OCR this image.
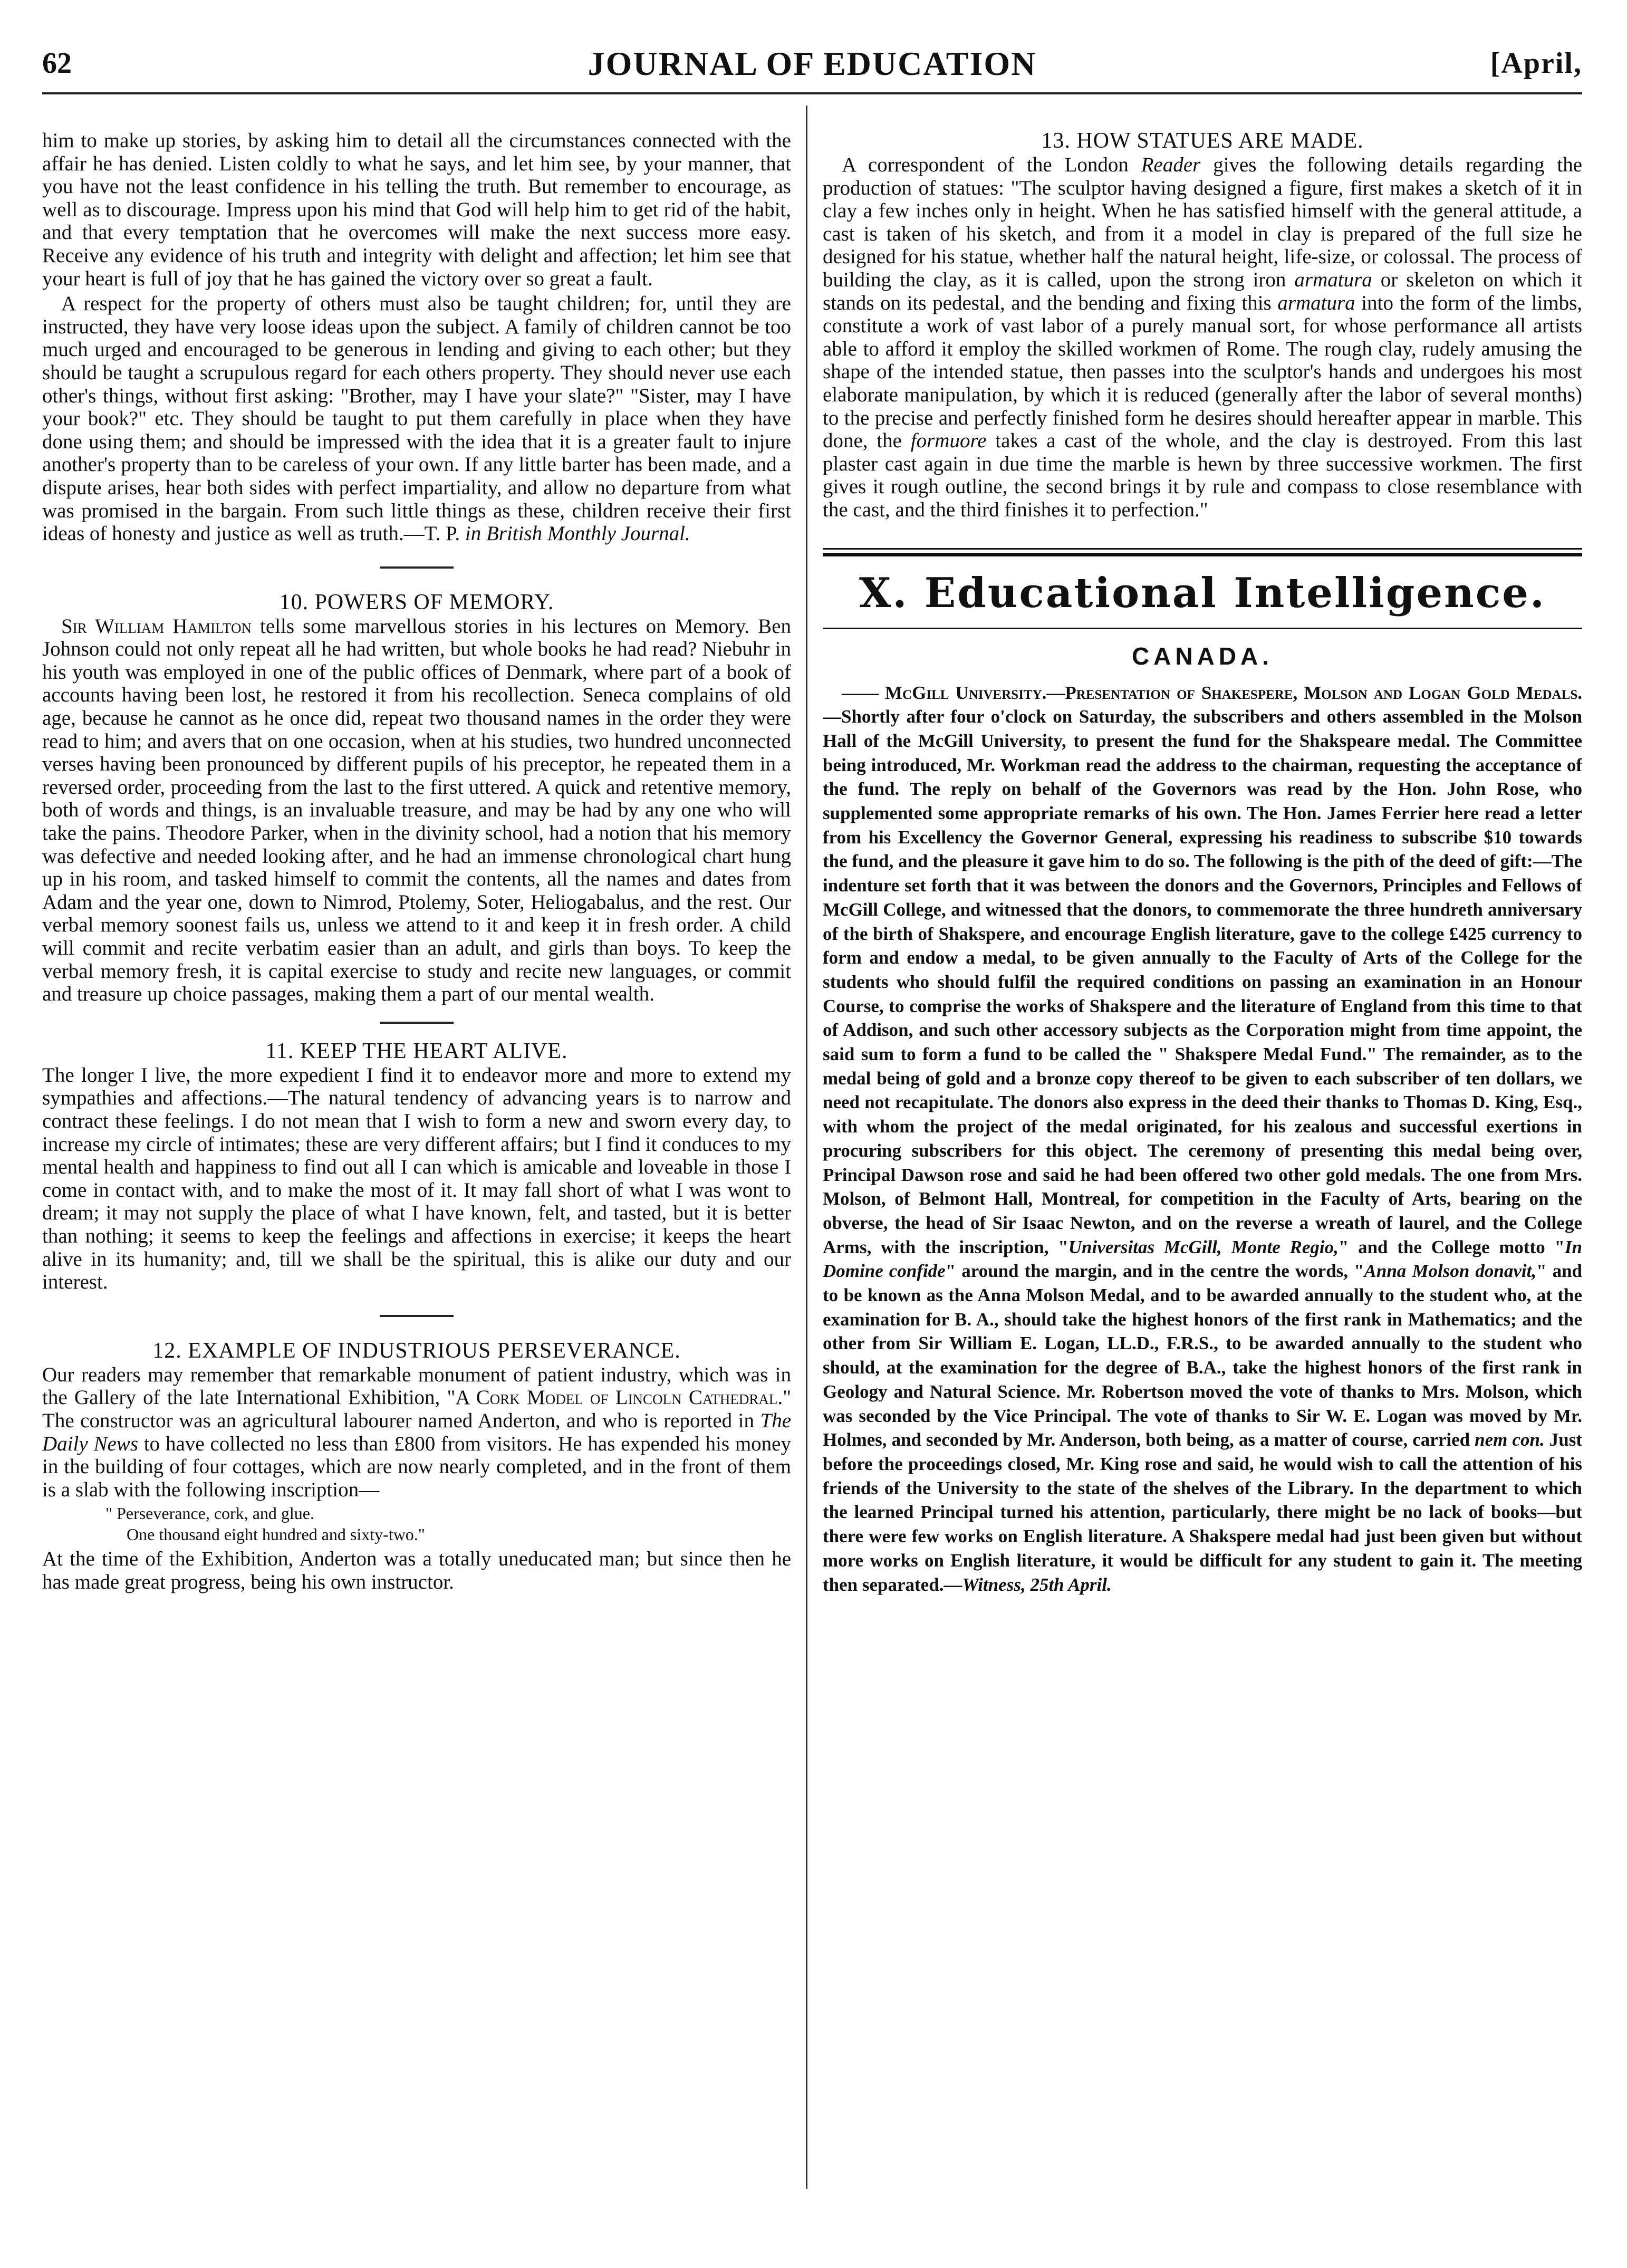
62	JOURNAL OF EDUCATION	[April,

him to make up stories, by asking him to detail all the circumstances connected with the affair he has denied. Listen coldly to what he says, and let him see, by your manner, that you have not the least confidence in his telling the truth. But remember to encourage, as well as to discourage. Impress upon his mind that God will help him to get rid of the habit, and that every temptation that he overcomes will make the next success more easy. Receive any evidence of his truth and integrity with delight and affection; let him see that your heart is full of joy that he has gained the victory over so great a fault.

A respect for the property of others must also be taught children; for, until they are instructed, they have very loose ideas upon the subject. A family of children cannot be too much urged and encouraged to be generous in lending and giving to each other; but they should be taught a scrupulous regard for each others property. They should never use each other's things, without first asking: "Brother, may I have your slate?" "Sister, may I have your book?" etc. They should be taught to put them carefully in place when they have done using them; and should be impressed with the idea that it is a greater fault to injure another's property than to be careless of your own. If any little barter has been made, and a dispute arises, hear both sides with perfect impartiality, and allow no departure from what was promised in the bargain. From such little things as these, children receive their first ideas of honesty and justice as well as truth.—T. P. in British Monthly Journal.

10. POWERS OF MEMORY.

Sir William Hamilton tells some marvellous stories in his lectures on Memory. Ben Johnson could not only repeat all he had written, but whole books he had read? Niebuhr in his youth was employed in one of the public offices of Denmark, where part of a book of accounts having been lost, he restored it from his recollection. Seneca complains of old age, because he cannot as he once did, repeat two thousand names in the order they were read to him; and avers that on one occasion, when at his studies, two hundred unconnected verses having been pronounced by different pupils of his preceptor, he repeated them in a reversed order, proceeding from the last to the first uttered. A quick and retentive memory, both of words and things, is an invaluable treasure, and may be had by any one who will take the pains. Theodore Parker, when in the divinity school, had a notion that his memory was defective and needed looking after, and he had an immense chronological chart hung up in his room, and tasked himself to commit the contents, all the names and dates from Adam and the year one, down to Nimrod, Ptolemy, Soter, Heliogabalus, and the rest. Our verbal memory soonest fails us, unless we attend to it and keep it in fresh order. A child will commit and recite verbatim easier than an adult, and girls than boys. To keep the verbal memory fresh, it is capital exercise to study and recite new languages, or commit and treasure up choice passages, making them a part of our mental wealth.

11. KEEP THE HEART ALIVE.

The longer I live, the more expedient I find it to endeavor more and more to extend my sympathies and affections.—The natural tendency of advancing years is to narrow and contract these feelings. I do not mean that I wish to form a new and sworn every day, to increase my circle of intimates; these are very different affairs; but I find it conduces to my mental health and happiness to find out all I can which is amicable and loveable in those I come in contact with, and to make the most of it. It may fall short of what I was wont to dream; it may not supply the place of what I have known, felt, and tasted, but it is better than nothing; it seems to keep the feelings and affections in exercise; it keeps the heart alive in its humanity; and, till we shall be the spiritual, this is alike our duty and our interest.

12. EXAMPLE OF INDUSTRIOUS PERSEVERANCE.

Our readers may remember that remarkable monument of patient industry, which was in the Gallery of the late International Exhibition, "A Cork Model of Lincoln Cathedral." The constructor was an agricultural labourer named Anderton, and who is reported in The Daily News to have collected no less than £800 from visitors. He has expended his money in the building of four cottages, which are now nearly completed, and in the front of them is a slab with the following inscription—

" Perseverance, cork, and glue.
One thousand eight hundred and sixty-two."

At the time of the Exhibition, Anderton was a totally uneducated man; but since then he has made great progress, being his own instructor.

13. HOW STATUES ARE MADE.

A correspondent of the London Reader gives the following details regarding the production of statues: "The sculptor having designed a figure, first makes a sketch of it in clay a few inches only in height. When he has satisfied himself with the general attitude, a cast is taken of his sketch, and from it a model in clay is prepared of the full size he designed for his statue, whether half the natural height, life-size, or colossal. The process of building the clay, as it is called, upon the strong iron armatura or skeleton on which it stands on its pedestal, and the bending and fixing this armatura into the form of the limbs, constitute a work of vast labor of a purely manual sort, for whose performance all artists able to afford it employ the skilled workmen of Rome. The rough clay, rudely amusing the shape of the intended statue, then passes into the sculptor's hands and undergoes his most elaborate manipulation, by which it is reduced (generally after the labor of several months) to the precise and perfectly finished form he desires should hereafter appear in marble. This done, the formuore takes a cast of the whole, and the clay is destroyed. From this last plaster cast again in due time the marble is hewn by three successive workmen. The first gives it rough outline, the second brings it by rule and compass to close resemblance with the cast, and the third finishes it to perfection."

X. Educational Intelligence.
CANADA.

—— McGill University.—Presentation of Shakespere, Molson and Logan Gold Medals.—Shortly after four o'clock on Saturday, the subscribers and others assembled in the Molson Hall of the McGill University, to present the fund for the Shakspeare medal. The Committee being introduced, Mr. Workman read the address to the chairman, requesting the acceptance of the fund. The reply on behalf of the Governors was read by the Hon. John Rose, who supplemented some appropriate remarks of his own. The Hon. James Ferrier here read a letter from his Excellency the Governor General, expressing his readiness to subscribe $10 towards the fund, and the pleasure it gave him to do so. The following is the pith of the deed of gift:—The indenture set forth that it was between the donors and the Governors, Principles and Fellows of McGill College, and witnessed that the donors, to commemorate the three hundreth anniversary of the birth of Shakspere, and encourage English literature, gave to the college £425 currency to form and endow a medal, to be given annually to the Faculty of Arts of the College for the students who should fulfil the required conditions on passing an examination in an Honour Course, to comprise the works of Shakspere and the literature of England from this time to that of Addison, and such other accessory subjects as the Corporation might from time appoint, the said sum to form a fund to be called the " Shakspere Medal Fund." The remainder, as to the medal being of gold and a bronze copy thereof to be given to each subscriber of ten dollars, we need not recapitulate. The donors also express in the deed their thanks to Thomas D. King, Esq., with whom the project of the medal originated, for his zealous and successful exertions in procuring subscribers for this object. The ceremony of presenting this medal being over, Principal Dawson rose and said he had been offered two other gold medals. The one from Mrs. Molson, of Belmont Hall, Montreal, for competition in the Faculty of Arts, bearing on the obverse, the head of Sir Isaac Newton, and on the reverse a wreath of laurel, and the College Arms, with the inscription, "Universitas McGill, Monte Regio," and the College motto "In Domine confide" around the margin, and in the centre the words, "Anna Molson donavit," and to be known as the Anna Molson Medal, and to be awarded annually to the student who, at the examination for B. A., should take the highest honors of the first rank in Mathematics; and the other from Sir William E. Logan, LL.D., F.R.S., to be awarded annually to the student who should, at the examination for the degree of B.A., take the highest honors of the first rank in Geology and Natural Science. Mr. Robertson moved the vote of thanks to Mrs. Molson, which was seconded by the Vice Principal. The vote of thanks to Sir W. E. Logan was moved by Mr. Holmes, and seconded by Mr. Anderson, both being, as a matter of course, carried nem con. Just before the proceedings closed, Mr. King rose and said, he would wish to call the attention of his friends of the University to the state of the shelves of the Library. In the department to which the learned Principal turned his attention, particularly, there might be no lack of books—but there were few works on English literature. A Shakspere medal had just been given but without more works on English literature, it would be difficult for any student to gain it. The meeting then separated.—Witness, 25th April.
